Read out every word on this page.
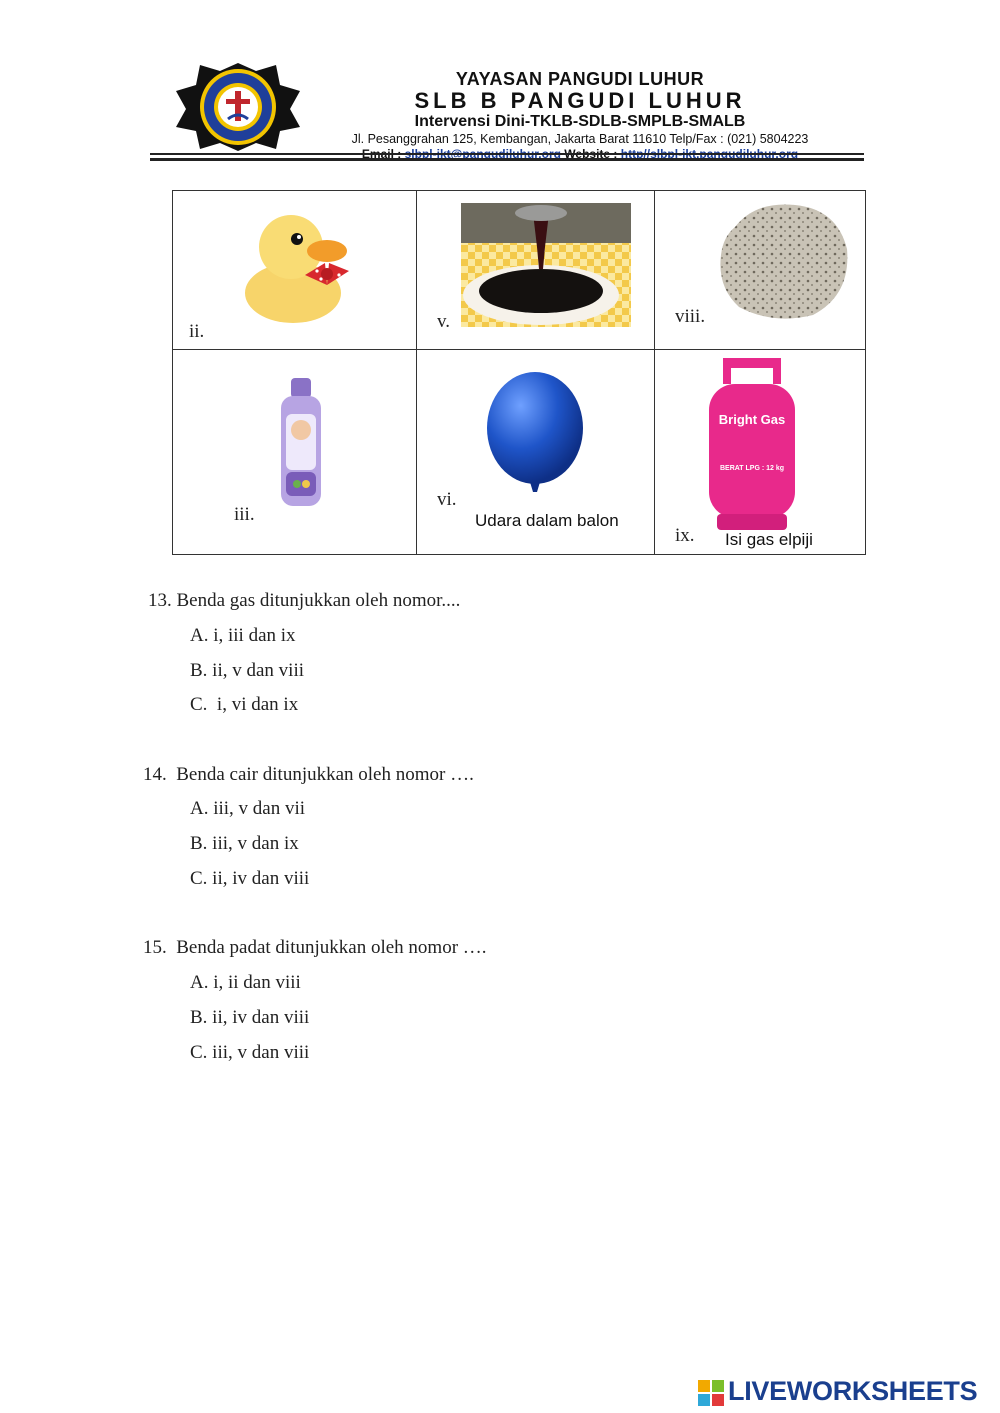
YAYASAN PANGUDI LUHUR
SLB B PANGUDI LUHUR
Intervensi Dini-TKLB-SDLB-SMPLB-SMALB
Jl. Pesanggrahan 125, Kembangan, Jakarta Barat 11610 Telp/Fax : (021) 5804223
ii.	v.	viii.
iii.
vi.
Udara dalam balon
Bright Gas
BERAT LPG : 12 kg
ix. Isi gas elpiji
13. Benda gas ditunjukkan oleh nomor....
A. i, iii dan ix
B. ii, v dan viii
C.  i, vi dan ix
14.  Benda cair ditunjukkan oleh nomor ….
A. iii, v dan vii
B. iii, v dan ix
C. ii, iv dan viii
15.  Benda padat ditunjukkan oleh nomor ….
A. i, ii dan viii
B. ii, iv dan viii
C. iii, v dan viii
LIVEWORKSHEETS
